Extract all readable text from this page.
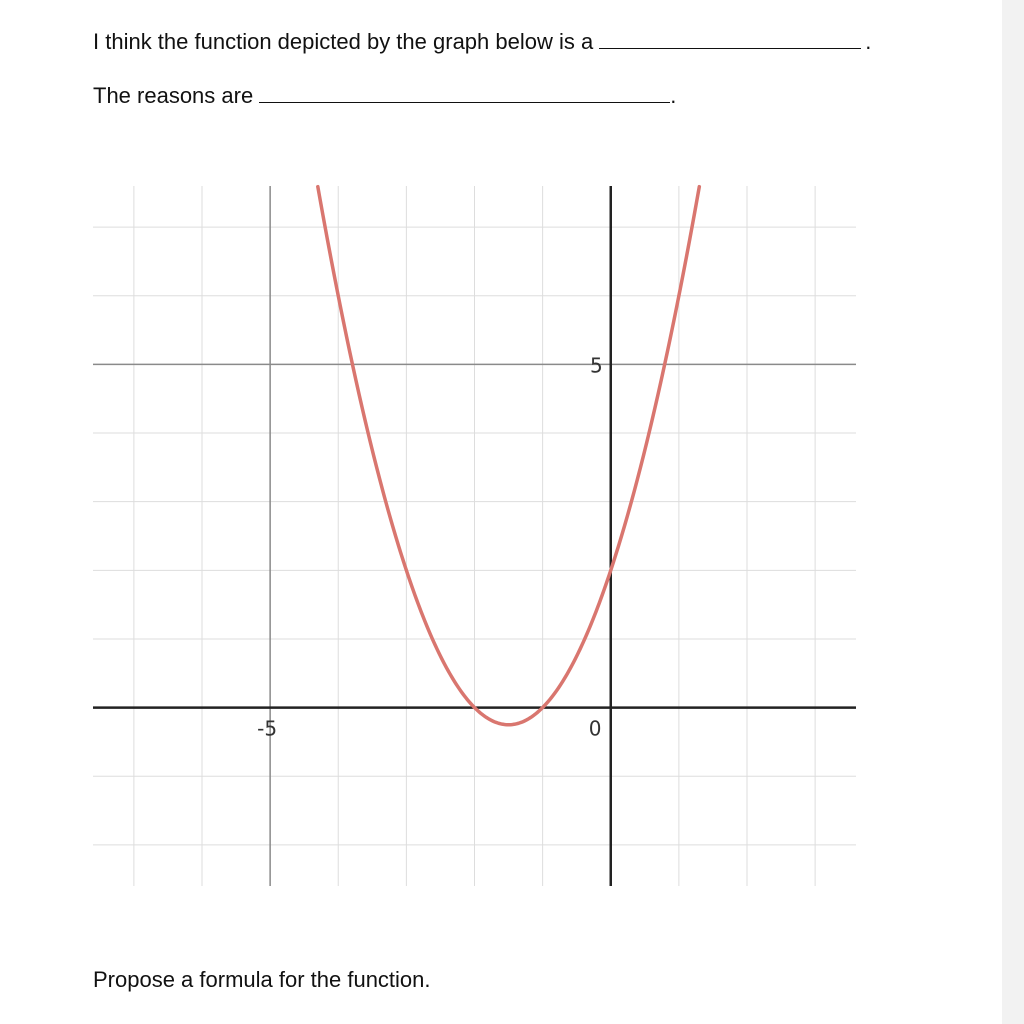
I think the function depicted by the graph below is a	.
The reasons are	.
-5	0
5
Propose a formula for the function.
